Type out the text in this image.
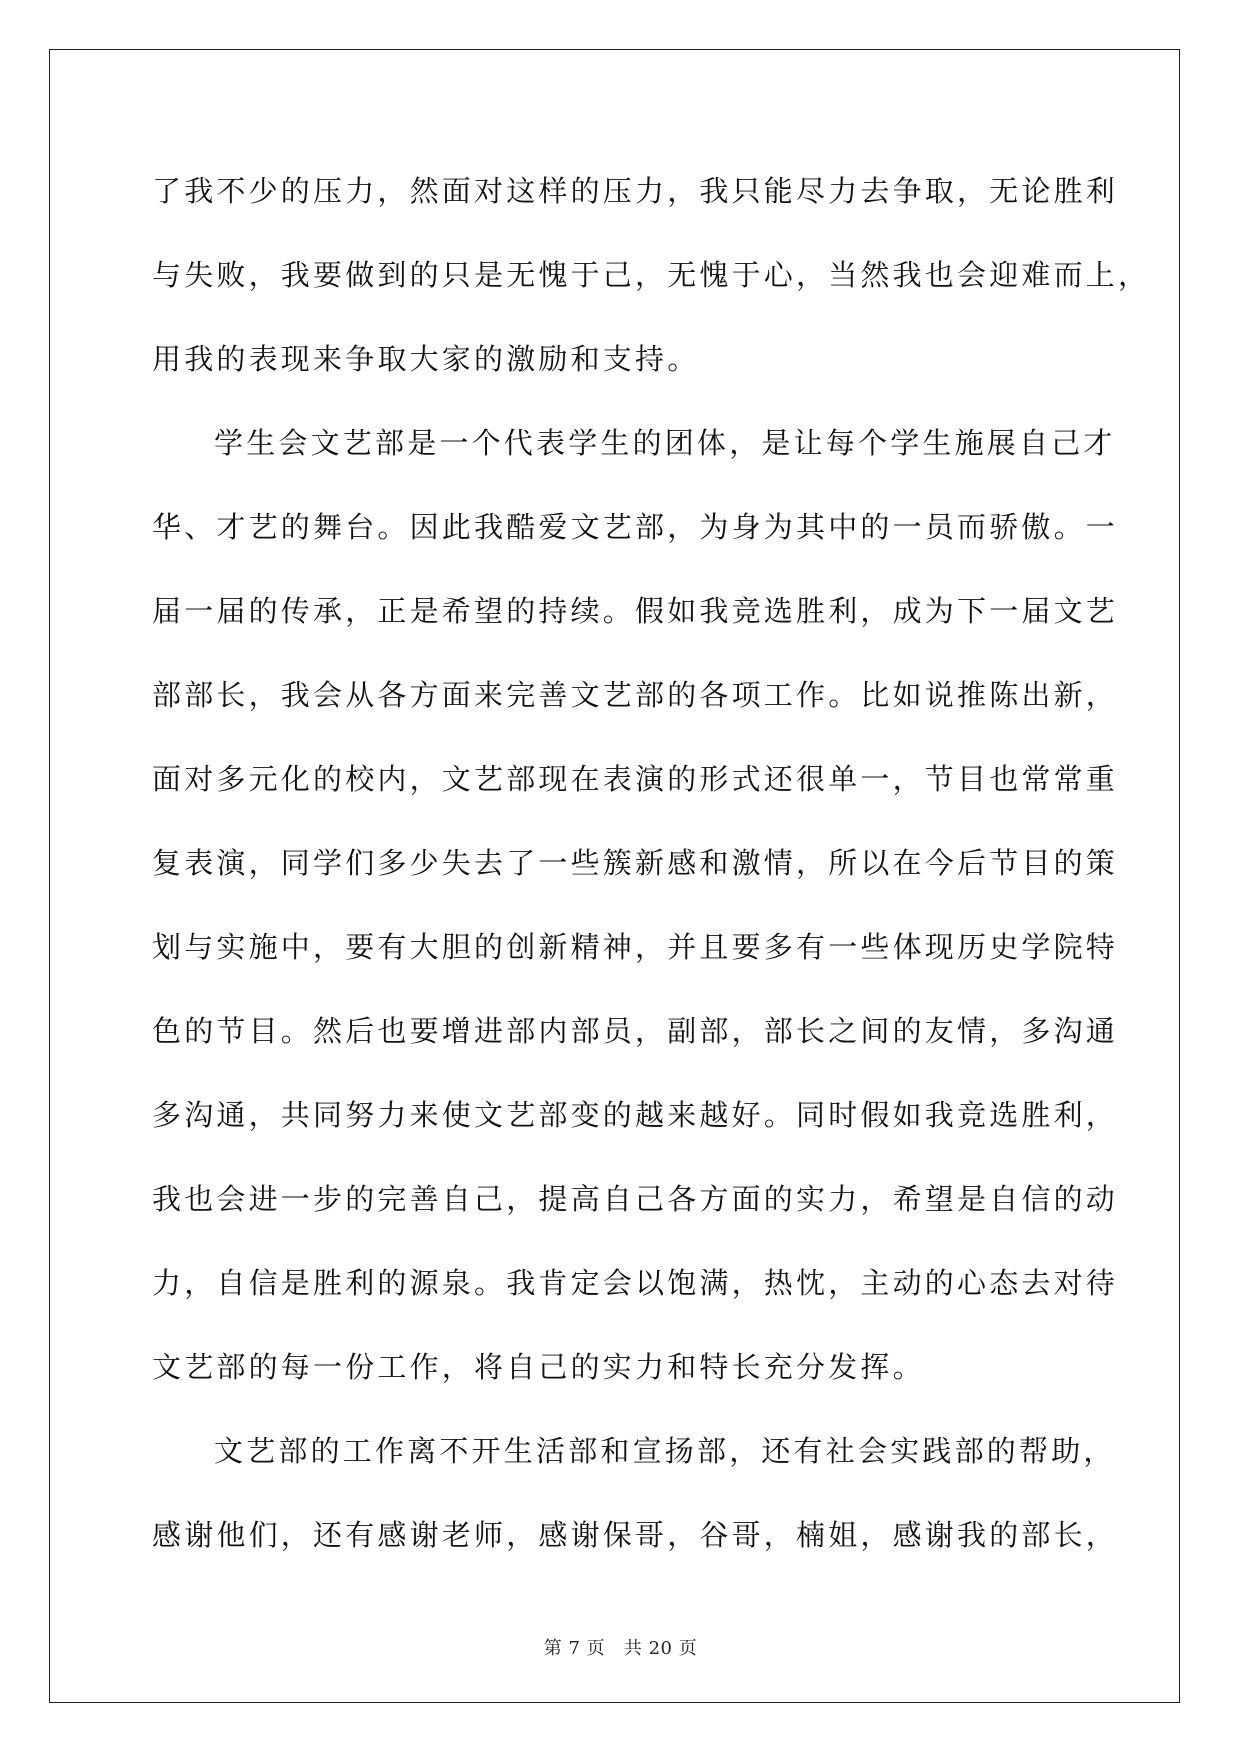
了我不少的压力，然面对这样的压力，我只能尽力去争取，无论胜利
与失败，我要做到的只是无愧于己，无愧于心，当然我也会迎难而上，
用我的表现来争取大家的激励和支持。
学生会文艺部是一个代表学生的团体，是让每个学生施展自己才
华、才艺的舞台。因此我酷爱文艺部，为身为其中的一员而骄傲。一
届一届的传承，正是希望的持续。假如我竞选胜利，成为下一届文艺
部部长，我会从各方面来完善文艺部的各项工作。比如说推陈出新，
面对多元化的校内，文艺部现在表演的形式还很单一，节目也常常重
复表演，同学们多少失去了一些簇新感和激情，所以在今后节目的策
划与实施中，要有大胆的创新精神，并且要多有一些体现历史学院特
色的节目。然后也要增进部内部员，副部，部长之间的友情，多沟通
多沟通，共同努力来使文艺部变的越来越好。同时假如我竞选胜利，
我也会进一步的完善自己，提高自己各方面的实力，希望是自信的动
力，自信是胜利的源泉。我肯定会以饱满，热忱，主动的心态去对待
文艺部的每一份工作，将自己的实力和特长充分发挥。
文艺部的工作离不开生活部和宣扬部，还有社会实践部的帮助，
感谢他们，还有感谢老师，感谢保哥，谷哥，楠姐，感谢我的部长，
第 7 页 共 20 页
